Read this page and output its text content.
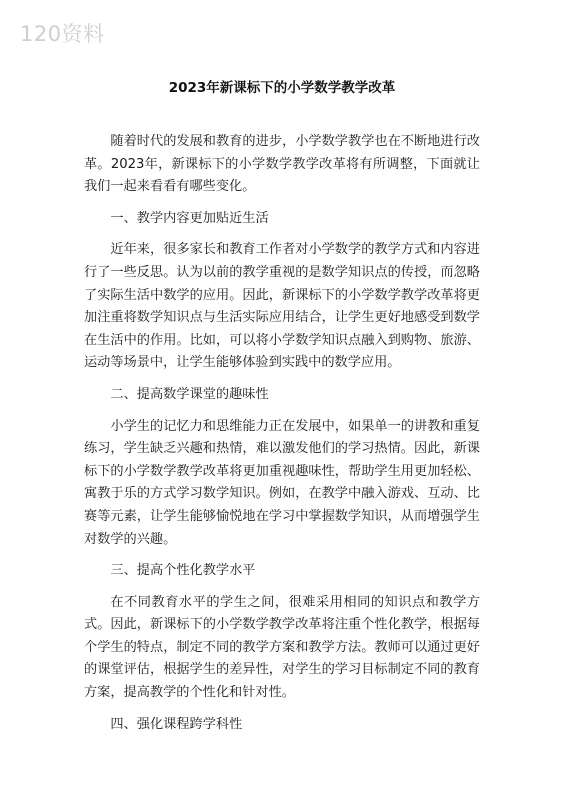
120资料
2023年新课标下的小学数学教学改革

随着时代的发展和教育的进步，小学数学教学也在不断地进行改革。2023年，新课标下的小学数学教学改革将有所调整，下面就让我们一起来看看有哪些变化。

一、教学内容更加贴近生活

近年来，很多家长和教育工作者对小学数学的教学方式和内容进行了一些反思。认为以前的教学重视的是数学知识点的传授，而忽略了实际生活中数学的应用。因此，新课标下的小学数学教学改革将更加注重将数学知识点与生活实际应用结合，让学生更好地感受到数学在生活中的作用。比如，可以将小学数学知识点融入到购物、旅游、运动等场景中，让学生能够体验到实践中的数学应用。

二、提高数学课堂的趣味性

小学生的记忆力和思维能力正在发展中，如果单一的讲教和重复练习，学生缺乏兴趣和热情，难以激发他们的学习热情。因此，新课标下的小学数学教学改革将更加重视趣味性，帮助学生用更加轻松、寓教于乐的方式学习数学知识。例如，在教学中融入游戏、互动、比赛等元素，让学生能够愉悦地在学习中掌握数学知识，从而增强学生对数学的兴趣。

三、提高个性化教学水平

在不同教育水平的学生之间，很难采用相同的知识点和教学方式。因此，新课标下的小学数学教学改革将注重个性化教学，根据每个学生的特点，制定不同的教学方案和教学方法。教师可以通过更好的课堂评估，根据学生的差异性，对学生的学习目标制定不同的教育方案，提高教学的个性化和针对性。

四、强化课程跨学科性
